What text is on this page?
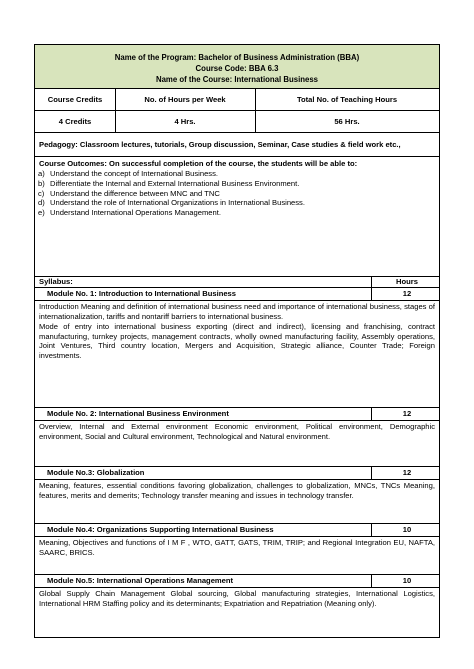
Name of the Program: Bachelor of Business Administration (BBA)
Course Code: BBA 6.3
Name of the Course: International Business
Course Credits	No. of Hours per Week	Total No. of Teaching Hours
4 Credits	4 Hrs.	56 Hrs.
Pedagogy: Classroom lectures, tutorials, Group discussion, Seminar, Case studies & field work etc.,
Course Outcomes: On successful completion of the course, the students will be able to:
a) Understand the concept of International Business.
b) Differentiate the Internal and External International Business Environment.
c) Understand the difference between MNC and TNC
d) Understand the role of International Organizations in International Business.
e) Understand International Operations Management.
Syllabus:	Hours
Module No. 1: Introduction to International Business	12

Introduction Meaning and definition of international business need and importance of international business, stages of internationalization, tariffs and nontariff barriers to international business.

Mode of entry into international business exporting (direct and indirect), licensing and franchising, contract manufacturing, turnkey projects, management contracts, wholly owned manufacturing facility, Assembly operations, Joint Ventures, Third country location, Mergers and Acquisition, Strategic alliance, Counter Trade; Foreign investments.

Module No. 2: International Business Environment	12

Overview, Internal and External environment Economic environment, Political environment, Demographic environment, Social and Cultural environment, Technological and Natural environment.

Module No.3: Globalization	12

Meaning, features, essential conditions favoring globalization, challenges to globalization, MNCs, TNCs Meaning, features, merits and demerits; Technology transfer meaning and issues in technology transfer.

Module No.4: Organizations Supporting International Business	10

Meaning, Objectives and functions of I M F , WTO, GATT, GATS, TRIM, TRIP; and Regional Integration EU, NAFTA, SAARC, BRICS.

Module No.5: International Operations Management	10

Global Supply Chain Management Global sourcing, Global manufacturing strategies, International Logistics, International HRM Staffing policy and its determinants; Expatriation and Repatriation (Meaning only).
